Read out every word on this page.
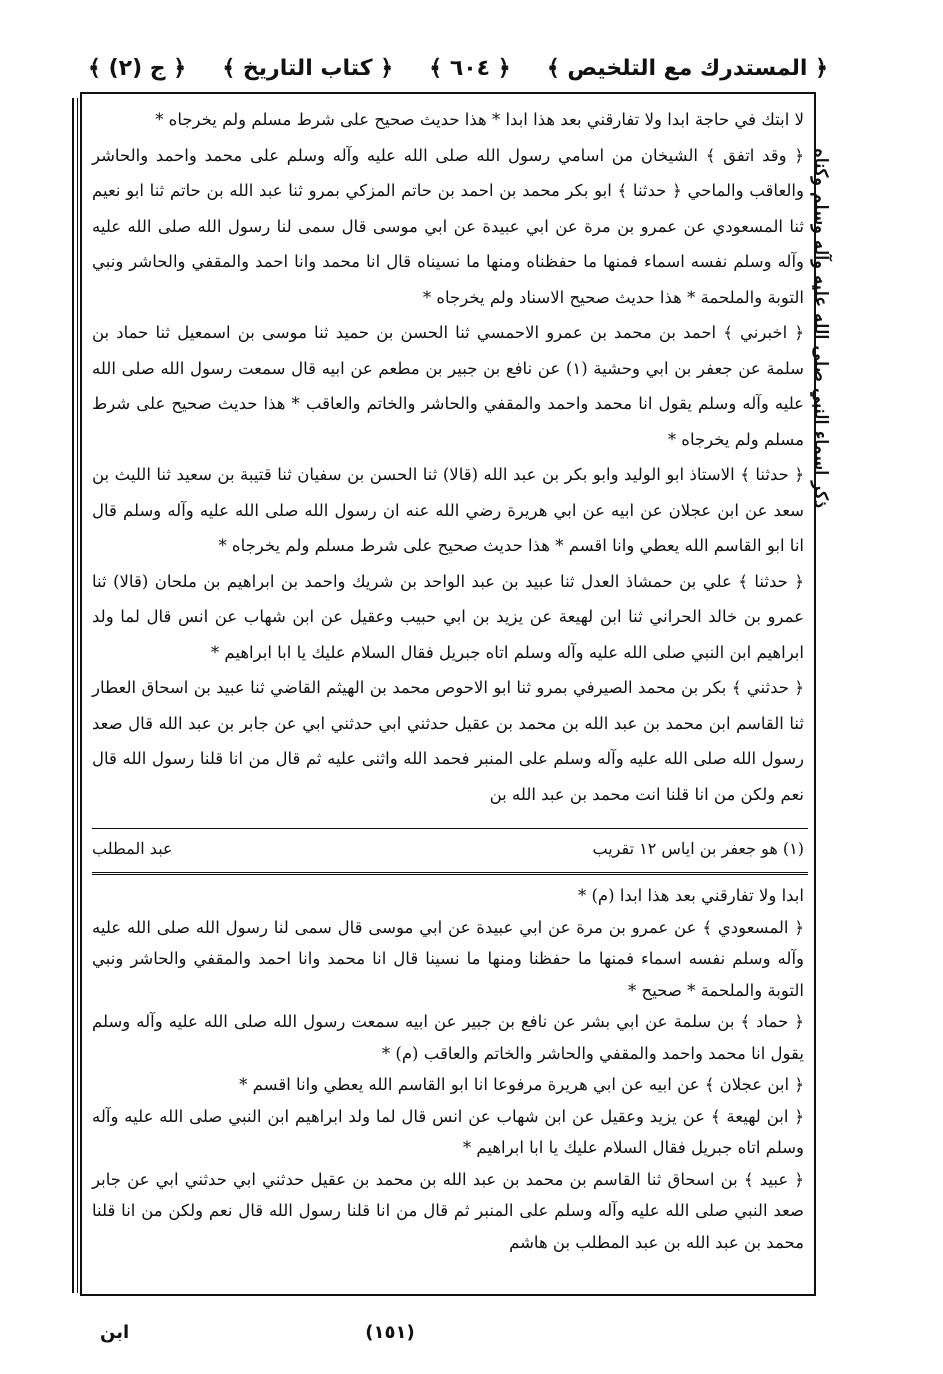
﴿ المستدرك مع التلخيص ﴾
﴿ ٦٠٤ ﴾
﴿ كتاب التاريخ ﴾
﴿ ج (٢) ﴾
ذكر اسماء النبي صلى الله عليه وآله وسلم وكناه

لا ابتك في حاجة ابدا ولا تفارقني بعد هذا ابدا * هذا حديث صحيح على شرط مسلم ولم يخرجاه *

﴿ وقد اتفق ﴾ الشيخان من اسامي رسول الله صلى الله عليه وآله وسلم على محمد واحمد والحاشر والعاقب والماحي ﴿ حدثنا ﴾ ابو بكر محمد بن احمد بن حاتم المزكي بمرو ثنا عبد الله بن حاتم ثنا ابو نعيم ثنا المسعودي عن عمرو بن مرة عن ابي عبيدة عن ابي موسى قال سمى لنا رسول الله صلى الله عليه وآله وسلم نفسه اسماء فمنها ما حفظناه ومنها ما نسيناه قال انا محمد وانا احمد والمقفي والحاشر ونبي التوبة والملحمة * هذا حديث صحيح الاسناد ولم يخرجاه *

﴿ اخبرني ﴾ احمد بن محمد بن عمرو الاحمسي ثنا الحسن بن حميد ثنا موسى بن اسمعيل ثنا حماد بن سلمة عن جعفر بن ابي وحشية (١) عن نافع بن جبير بن مطعم عن ابيه قال سمعت رسول الله صلى الله عليه وآله وسلم يقول انا محمد واحمد والمقفي والحاشر والخاتم والعاقب * هذا حديث صحيح على شرط مسلم ولم يخرجاه *

﴿ حدثنا ﴾ الاستاذ ابو الوليد وابو بكر بن عبد الله (قالا) ثنا الحسن بن سفيان ثنا قتيبة بن سعيد ثنا الليث بن سعد عن ابن عجلان عن ابيه عن ابي هريرة رضي الله عنه ان رسول الله صلى الله عليه وآله وسلم قال انا ابو القاسم الله يعطي وانا اقسم * هذا حديث صحيح على شرط مسلم ولم يخرجاه *

﴿ حدثنا ﴾ علي بن حمشاذ العدل ثنا عبيد بن عبد الواحد بن شريك واحمد بن ابراهيم بن ملحان (قالا) ثنا عمرو بن خالد الحراني ثنا ابن لهيعة عن يزيد بن ابي حبيب وعقيل عن ابن شهاب عن انس قال لما ولد ابراهيم ابن النبي صلى الله عليه وآله وسلم اتاه جبريل فقال السلام عليك يا ابا ابراهيم *

﴿ حدثني ﴾ بكر بن محمد الصيرفي بمرو ثنا ابو الاحوص محمد بن الهيثم القاضي ثنا عبيد بن اسحاق العطار ثنا القاسم ابن محمد بن عبد الله بن محمد بن عقيل حدثني ابي حدثني ابي عن جابر بن عبد الله قال صعد رسول الله صلى الله عليه وآله وسلم على المنبر فحمد الله واثنى عليه ثم قال من انا قلنا رسول الله قال نعم ولكن من انا قلنا انت محمد بن عبد الله بن

(١) هو جعفر بن اياس ١٢ تقريب
عبد المطلب

ابدا ولا تفارقني بعد هذا ابدا (م) *

﴿ المسعودي ﴾ عن عمرو بن مرة عن ابي عبيدة عن ابي موسى قال سمى لنا رسول الله صلى الله عليه وآله وسلم نفسه اسماء فمنها ما حفظنا ومنها ما نسينا قال انا محمد وانا احمد والمقفي والحاشر ونبي التوبة والملحمة * صحيح *

﴿ حماد ﴾ بن سلمة عن ابي بشر عن نافع بن جبير عن ابيه سمعت رسول الله صلى الله عليه وآله وسلم يقول انا محمد واحمد والمقفي والحاشر والخاتم والعاقب (م) *

﴿ ابن عجلان ﴾ عن ابيه عن ابي هريرة مرفوعا انا ابو القاسم الله يعطي وانا اقسم *

﴿ ابن لهيعة ﴾ عن يزيد وعقيل عن ابن شهاب عن انس قال لما ولد ابراهيم ابن النبي صلى الله عليه وآله وسلم اتاه جبريل فقال السلام عليك يا ابا ابراهيم *

﴿ عبيد ﴾ بن اسحاق ثنا القاسم بن محمد بن عبد الله بن محمد بن عقيل حدثني ابي حدثني ابي عن جابر صعد النبي صلى الله عليه وآله وسلم على المنبر ثم قال من انا قلنا رسول الله قال نعم ولكن من انا قلنا محمد بن عبد الله بن عبد المطلب بن هاشم

(١٥١)
ابن
